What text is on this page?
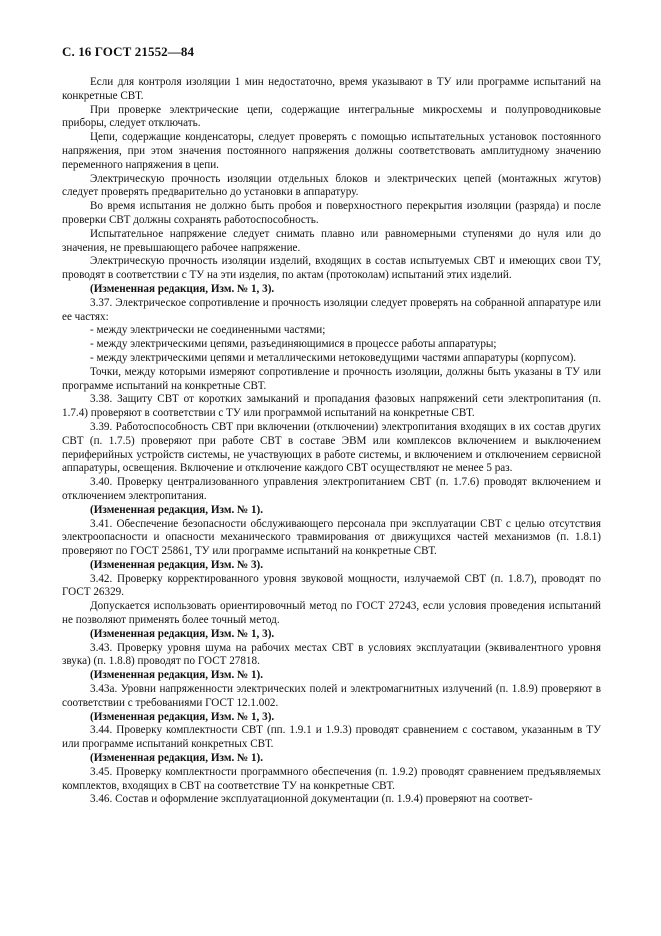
С. 16 ГОСТ 21552—84

Если для контроля изоляции 1 мин недостаточно, время указывают в ТУ или программе испытаний на конкретные СВТ.

При проверке электрические цепи, содержащие интегральные микросхемы и полупроводниковые приборы, следует отключать.

Цепи, содержащие конденсаторы, следует проверять с помощью испытательных установок постоянного напряжения, при этом значения постоянного напряжения должны соответствовать амплитудному значению переменного напряжения в цепи.

Электрическую прочность изоляции отдельных блоков и электрических цепей (монтажных жгутов) следует проверять предварительно до установки в аппаратуру.

Во время испытания не должно быть пробоя и поверхностного перекрытия изоляции (разряда) и после проверки СВТ должны сохранять работоспособность.

Испытательное напряжение следует снимать плавно или равномерными ступенями до нуля или до значения, не превышающего рабочее напряжение.

Электрическую прочность изоляции изделий, входящих в состав испытуемых СВТ и имеющих свои ТУ, проводят в соответствии с ТУ на эти изделия, по актам (протоколам) испытаний этих изделий.

(Измененная редакция, Изм. № 1, 3).

3.37. Электрическое сопротивление и прочность изоляции следует проверять на собранной аппаратуре или ее частях:

- между электрически не соединенными частями;

- между электрическими цепями, разъединяющимися в процессе работы аппаратуры;

- между электрическими цепями и металлическими нетоковедущими частями аппаратуры (корпусом).

Точки, между которыми измеряют сопротивление и прочность изоляции, должны быть указаны в ТУ или программе испытаний на конкретные СВТ.

3.38. Защиту СВТ от коротких замыканий и пропадания фазовых напряжений сети электропитания (п. 1.7.4) проверяют в соответствии с ТУ или программой испытаний на конкретные СВТ.

3.39. Работоспособность СВТ при включении (отключении) электропитания входящих в их состав других СВТ (п. 1.7.5) проверяют при работе СВТ в составе ЭВМ или комплексов включением и выключением периферийных устройств системы, не участвующих в работе системы, и включением и отключением сервисной аппаратуры, освещения. Включение и отключение каждого СВТ осуществляют не менее 5 раз.

3.40. Проверку централизованного управления электропитанием СВТ (п. 1.7.6) проводят включением и отключением электропитания.

(Измененная редакция, Изм. № 1).

3.41. Обеспечение безопасности обслуживающего персонала при эксплуатации СВТ с целью отсутствия электроопасности и опасности механического травмирования от движущихся частей механизмов (п. 1.8.1) проверяют по ГОСТ 25861, ТУ или программе испытаний на конкретные СВТ.

(Измененная редакция, Изм. № 3).

3.42. Проверку корректированного уровня звуковой мощности, излучаемой СВТ (п. 1.8.7), проводят по ГОСТ 26329.

Допускается использовать ориентировочный метод по ГОСТ 27243, если условия проведения испытаний не позволяют применять более точный метод.

(Измененная редакция, Изм. № 1, 3).

3.43. Проверку уровня шума на рабочих местах СВТ в условиях эксплуатации (эквивалентного уровня звука) (п. 1.8.8) проводят по ГОСТ 27818.

(Измененная редакция, Изм. № 1).

3.43а. Уровни напряженности электрических полей и электромагнитных излучений (п. 1.8.9) проверяют в соответствии с требованиями ГОСТ 12.1.002.

(Измененная редакция, Изм. № 1, 3).

3.44. Проверку комплектности СВТ (пп. 1.9.1 и 1.9.3) проводят сравнением с составом, указанным в ТУ или программе испытаний конкретных СВТ.

(Измененная редакция, Изм. № 1).

3.45. Проверку комплектности программного обеспечения (п. 1.9.2) проводят сравнением предъявляемых комплектов, входящих в СВТ на соответствие ТУ на конкретные СВТ.

3.46. Состав и оформление эксплуатационной документации (п. 1.9.4) проверяют на соответ-
